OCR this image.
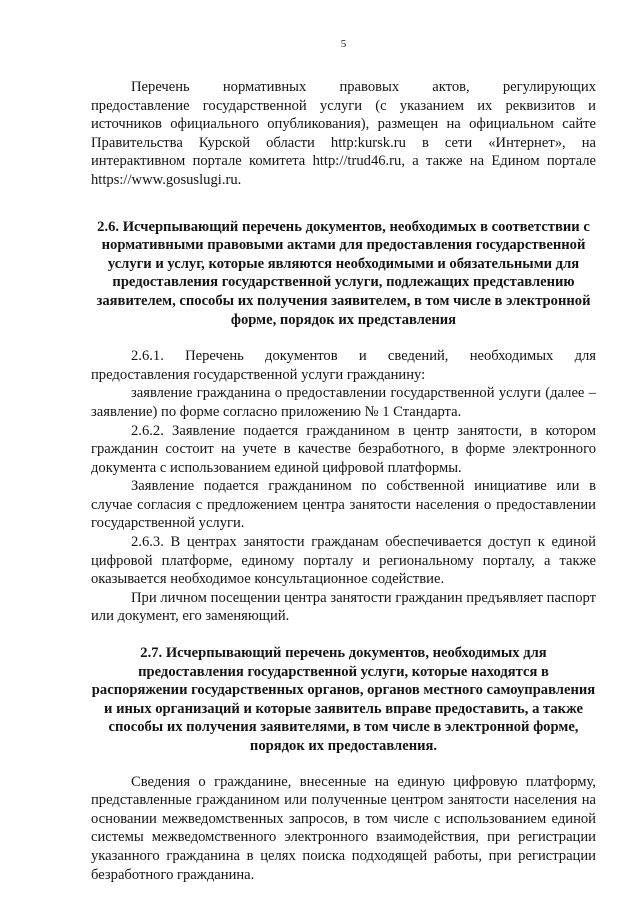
5

Перечень нормативных правовых актов, регулирующих

предоставление государственной услуги (с указанием их реквизитов и источников официального опубликования), размещен на официальном сайте Правительства Курской области http:kursk.ru в сети «Интернет», на интерактивном портале комитета http://trud46.ru, а также на Едином портале https://www.gosuslugi.ru.

2.6. Исчерпывающий перечень документов, необходимых в соответствии с нормативными правовыми актами для предоставления государственной услуги и услуг, которые являются необходимыми и обязательными для предоставления государственной услуги, подлежащих представлению заявителем, способы их получения заявителем, в том числе в электронной форме, порядок их представления

2.6.1. Перечень документов и сведений, необходимых для

предоставления государственной услуги гражданину:

заявление гражданина о предоставлении государственной услуги (далее – заявление) по форме согласно приложению № 1 Стандарта.

2.6.2. Заявление подается гражданином в центр занятости, в котором гражданин состоит на учете в качестве безработного, в форме электронного документа с использованием единой цифровой платформы.

Заявление подается гражданином по собственной инициативе или в случае согласия с предложением центра занятости населения о предоставлении государственной услуги.

2.6.3. В центрах занятости гражданам обеспечивается доступ к единой цифровой платформе, единому порталу и региональному порталу, а также оказывается необходимое консультационное содействие.

При личном посещении центра занятости гражданин предъявляет паспорт или документ, его заменяющий.

2.7. Исчерпывающий перечень документов, необходимых для предоставления государственной услуги, которые находятся в распоряжении государственных органов, органов местного самоуправления и иных организаций и которые заявитель вправе предоставить, а также способы их получения заявителями, в том числе в электронной форме, порядок их предоставления.

Сведения о гражданине, внесенные на единую цифровую платформу, представленные гражданином или полученные центром занятости населения на основании межведомственных запросов, в том числе с использованием единой системы межведомственного электронного взаимодействия, при регистрации указанного гражданина в целях поиска подходящей работы, при регистрации безработного гражданина.
